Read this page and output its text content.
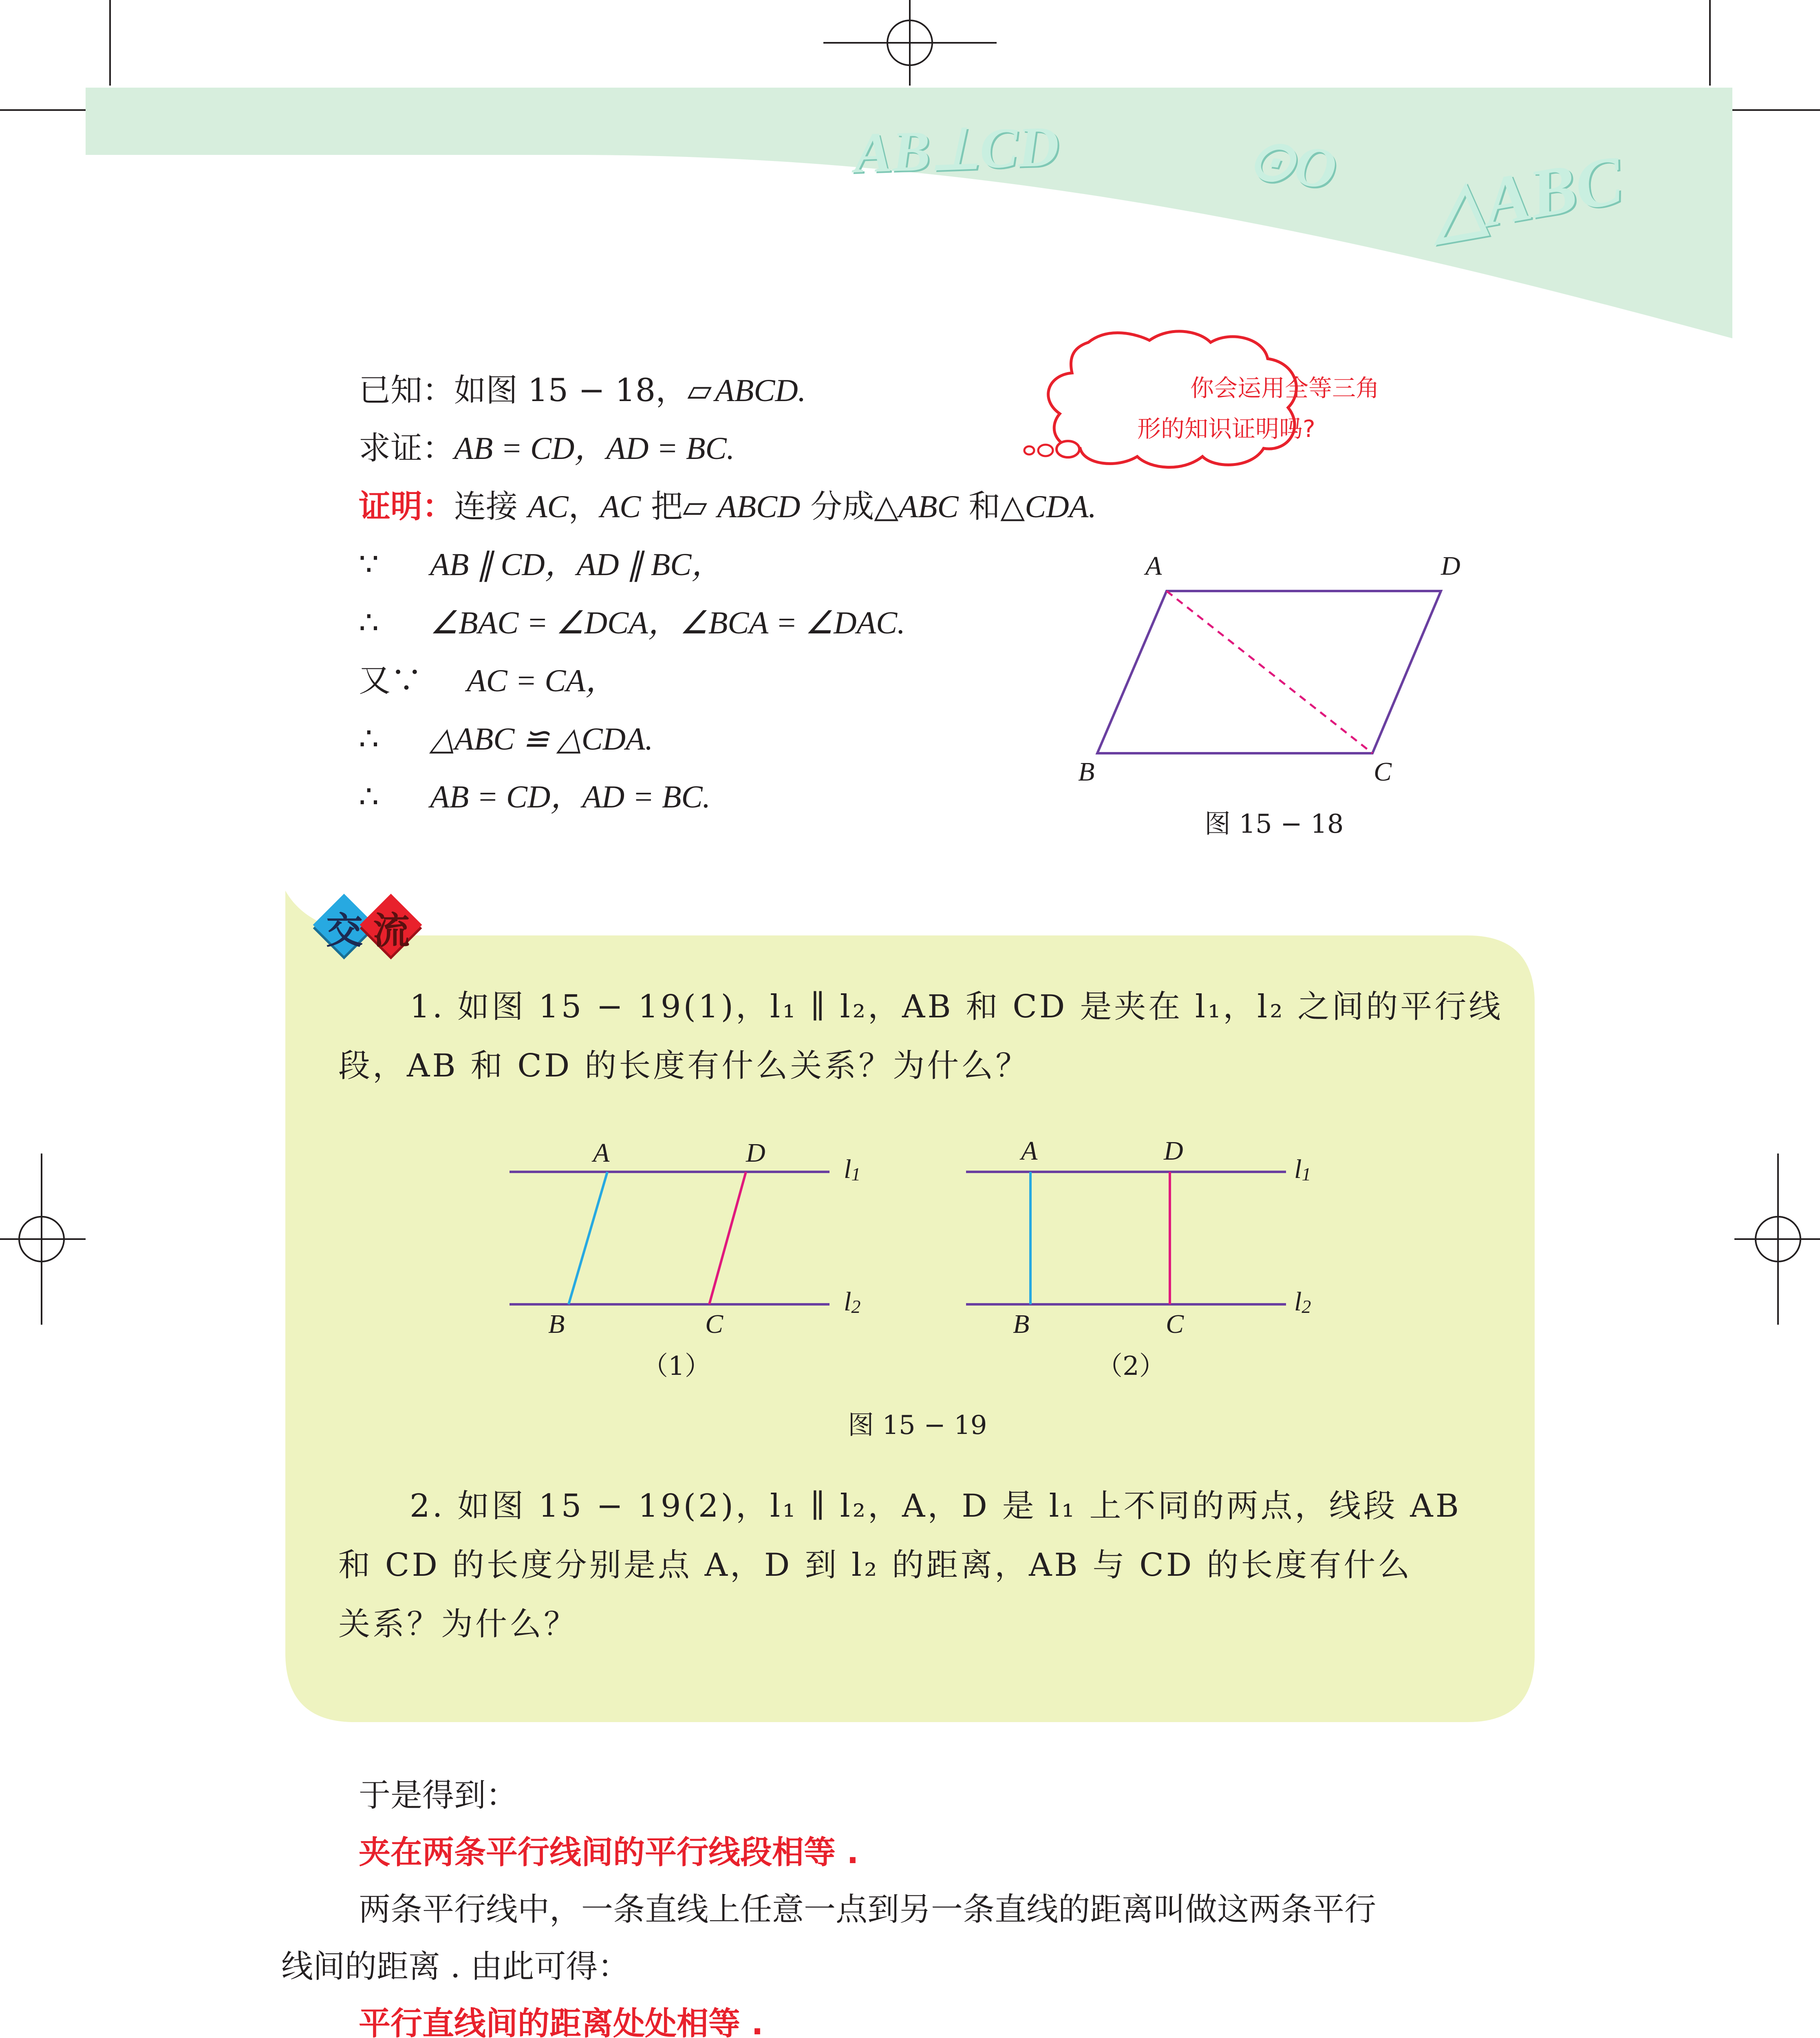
AB⊥CD	⊙O △ABC
你会运用全等三角
形的知识证明吗?
已知：如图 15 − 18，▱ ABCD.
求证：AB = CD，AD = BC.
证明：连接 AC，AC 把▱ ABCD 分成△ABC 和△CDA.
∵ AB ∥ CD，AD ∥ BC，
∴ ∠BAC = ∠DCA，∠BCA = ∠DAC.
又∵ AC = CA，
∴ △ABC ≌ △CDA.
∴ AB = CD，AD = BC.
A	D
B	C
图 15 − 18
交 流
1. 如图 15 − 19(1)，l₁ ∥ l₂，AB 和 CD 是夹在 l₁，l₂ 之间的平行线
段，AB 和 CD 的长度有什么关系？为什么？
A	D
B	C
l1
l2
（1）
A	D
B	C
l1
l2
（2）
图 15 − 19
2. 如图 15 − 19(2)，l₁ ∥ l₂，A，D 是 l₁ 上不同的两点，线段 AB
和 CD 的长度分别是点 A，D 到 l₂ 的距离，AB 与 CD 的长度有什么
关系？为什么？
于是得到：
夹在两条平行线间的平行线段相等 .
两条平行线中，一条直线上任意一点到另一条直线的距离叫做这两条平行
线间的距离 . 由此可得：
平行直线间的距离处处相等 .
